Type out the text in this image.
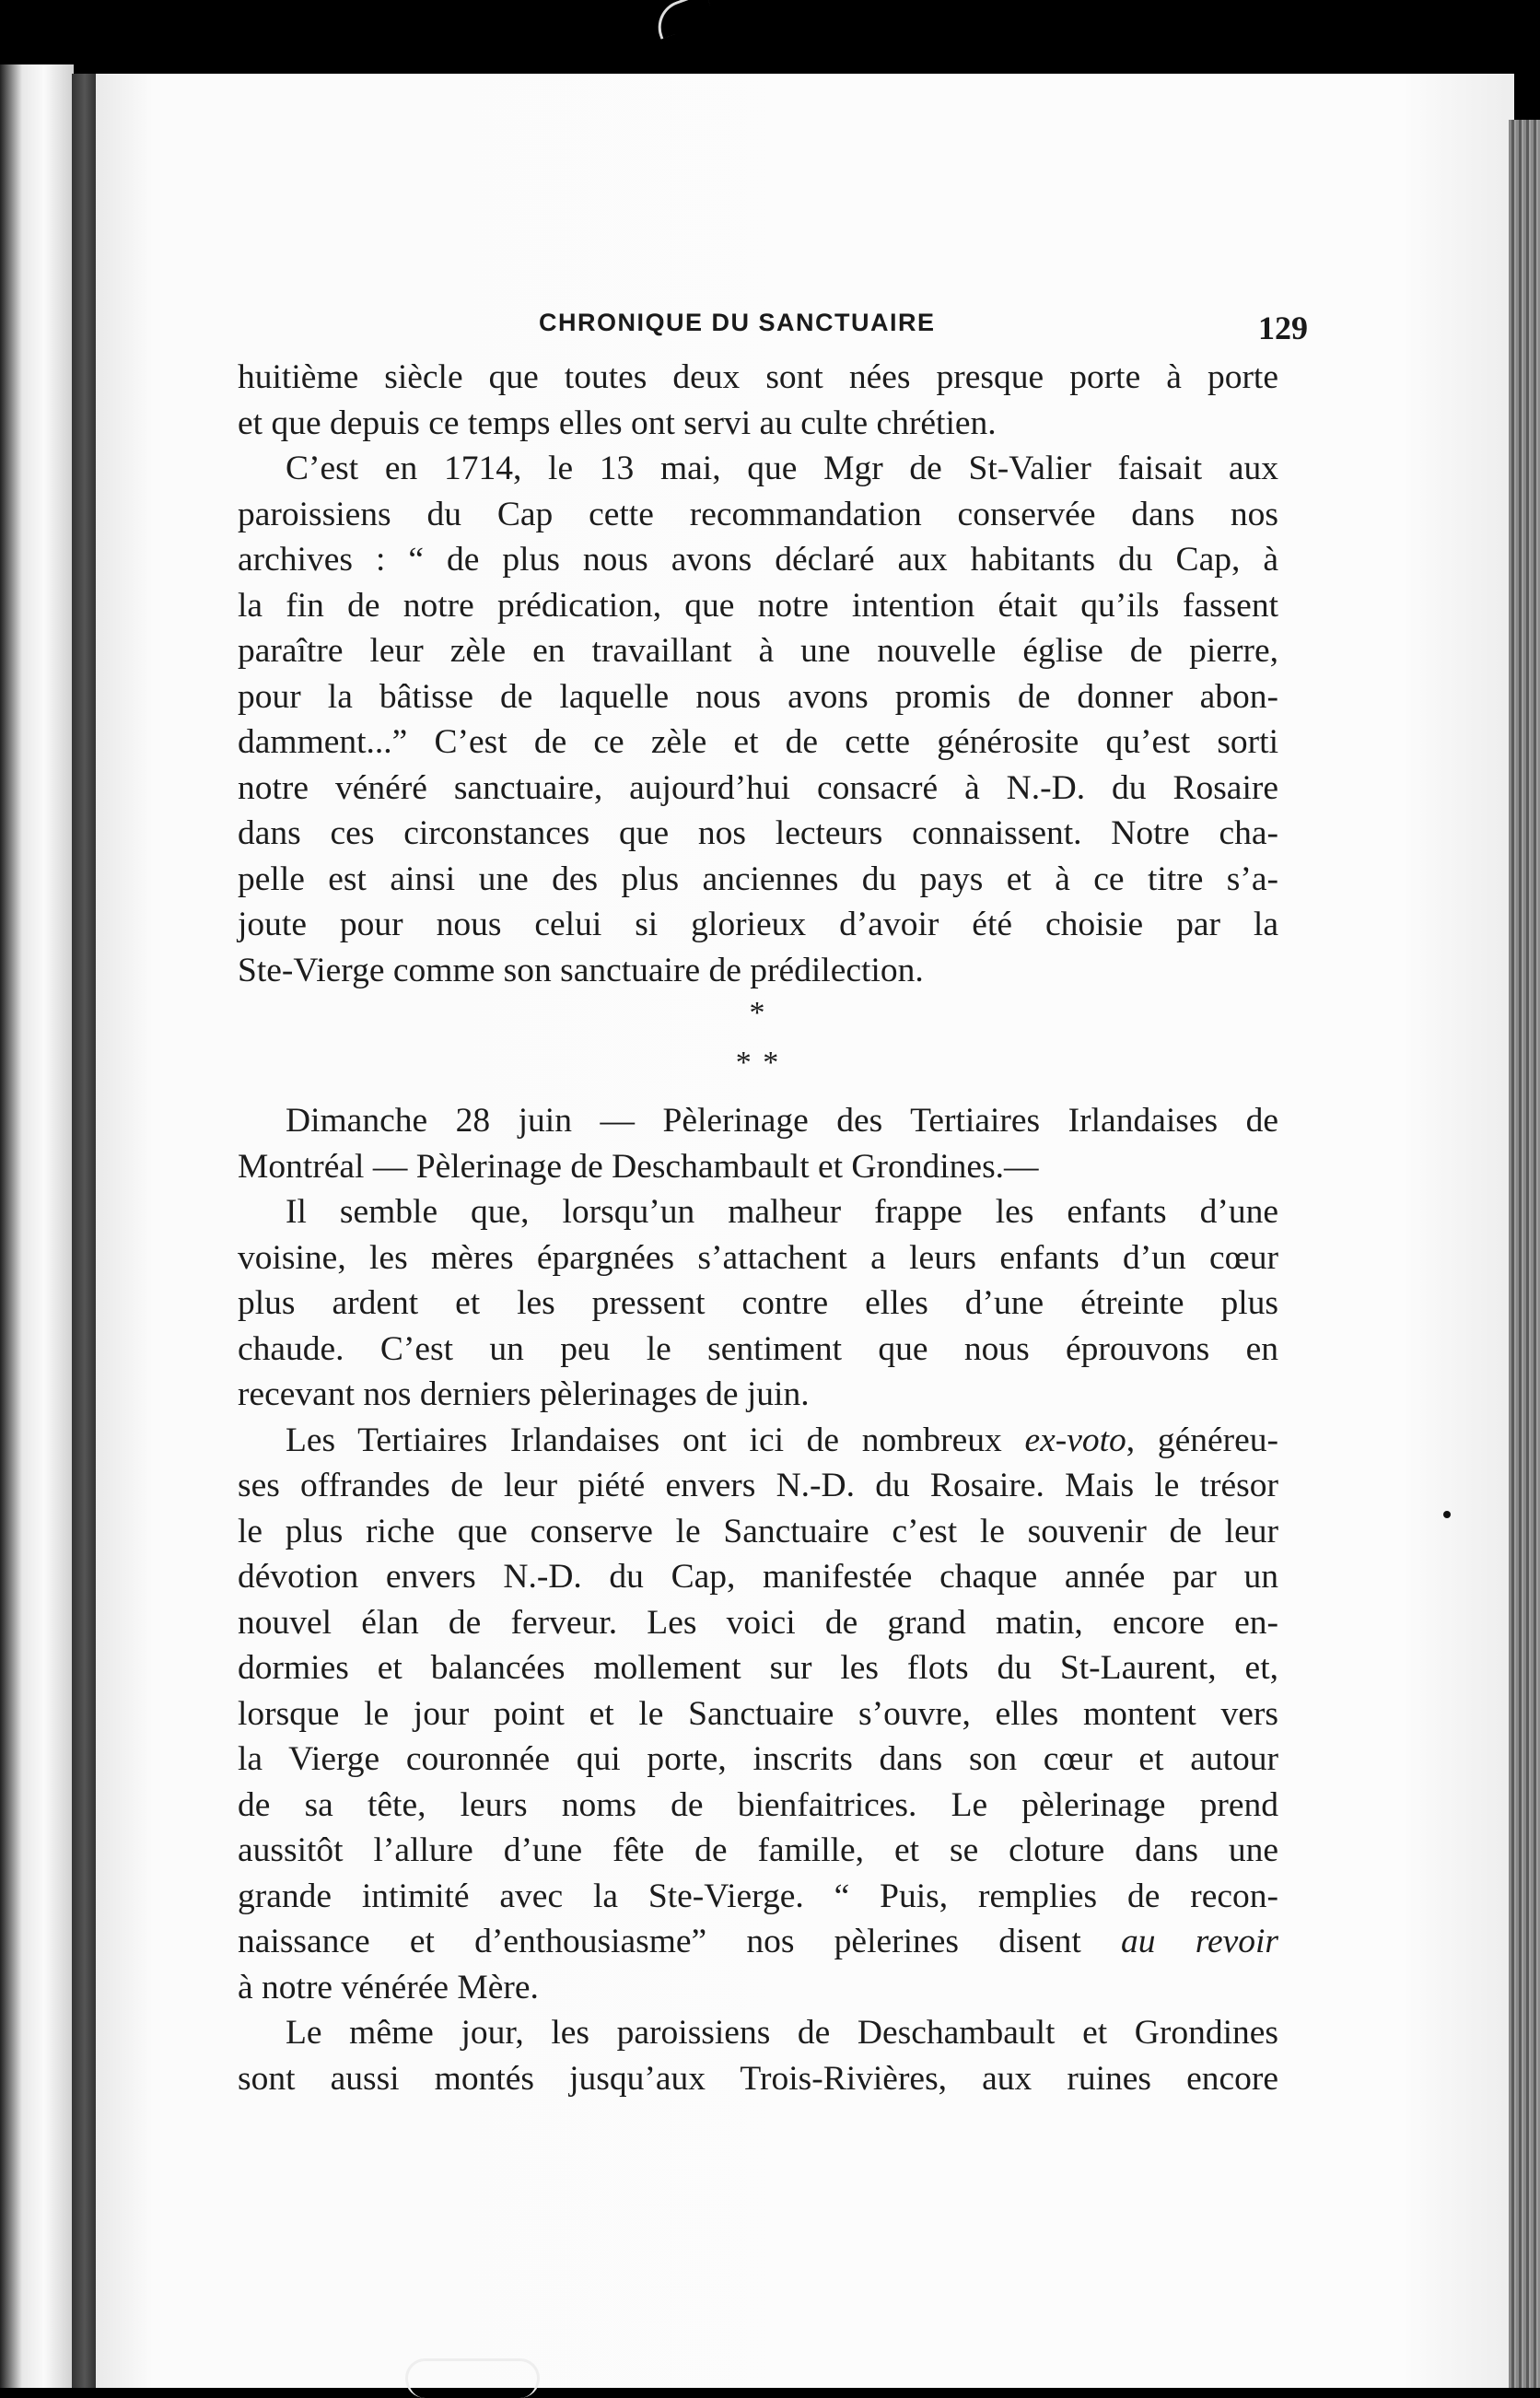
CHRONIQUE DU SANCTUAIRE	129
huitième siècle que toutes deux sont nées presque porte à porte
et que depuis ce temps elles ont servi au culte chrétien.
C’est en 1714, le 13 mai, que Mgr de St-Valier faisait aux
paroissiens du Cap cette recommandation conservée dans nos
archives : “ de plus nous avons déclaré aux habitants du Cap, à
la fin de notre prédication, que notre intention était qu’ils fassent
paraître leur zèle en travaillant à une nouvelle église de pierre,
pour la bâtisse de laquelle nous avons promis de donner abon-
damment...” C’est de ce zèle et de cette générosite qu’est sorti
notre vénéré sanctuaire, aujourd’hui consacré à N.-D. du Rosaire
dans ces circonstances que nos lecteurs connaissent. Notre cha-
pelle est ainsi une des plus anciennes du pays et à ce titre s’a-
joute pour nous celui si glorieux d’avoir été choisie par la
Ste-Vierge comme son sanctuaire de prédilection.
*
* *
Dimanche 28 juin — Pèlerinage des Tertiaires Irlandaises de
Montréal — Pèlerinage de Deschambault et Grondines.—
Il semble que, lorsqu’un malheur frappe les enfants d’une
voisine, les mères épargnées s’attachent a leurs enfants d’un cœur
plus ardent et les pressent contre elles d’une étreinte plus
chaude. C’est un peu le sentiment que nous éprouvons en
recevant nos derniers pèlerinages de juin.
Les Tertiaires Irlandaises ont ici de nombreux ex-voto, généreu-
ses offrandes de leur piété envers N.-D. du Rosaire. Mais le trésor
le plus riche que conserve le Sanctuaire c’est le souvenir de leur
dévotion envers N.-D. du Cap, manifestée chaque année par un
nouvel élan de ferveur. Les voici de grand matin, encore en-
dormies et balancées mollement sur les flots du St-Laurent, et,
lorsque le jour point et le Sanctuaire s’ouvre, elles montent vers
la Vierge couronnée qui porte, inscrits dans son cœur et autour
de sa tête, leurs noms de bienfaitrices. Le pèlerinage prend
aussitôt l’allure d’une fête de famille, et se cloture dans une
grande intimité avec la Ste-Vierge. “ Puis, remplies de recon-
naissance et d’enthousiasme” nos pèlerines disent au revoir
à notre vénérée Mère.
Le même jour, les paroissiens de Deschambault et Grondines
sont aussi montés jusqu’aux Trois-Rivières, aux ruines encore
